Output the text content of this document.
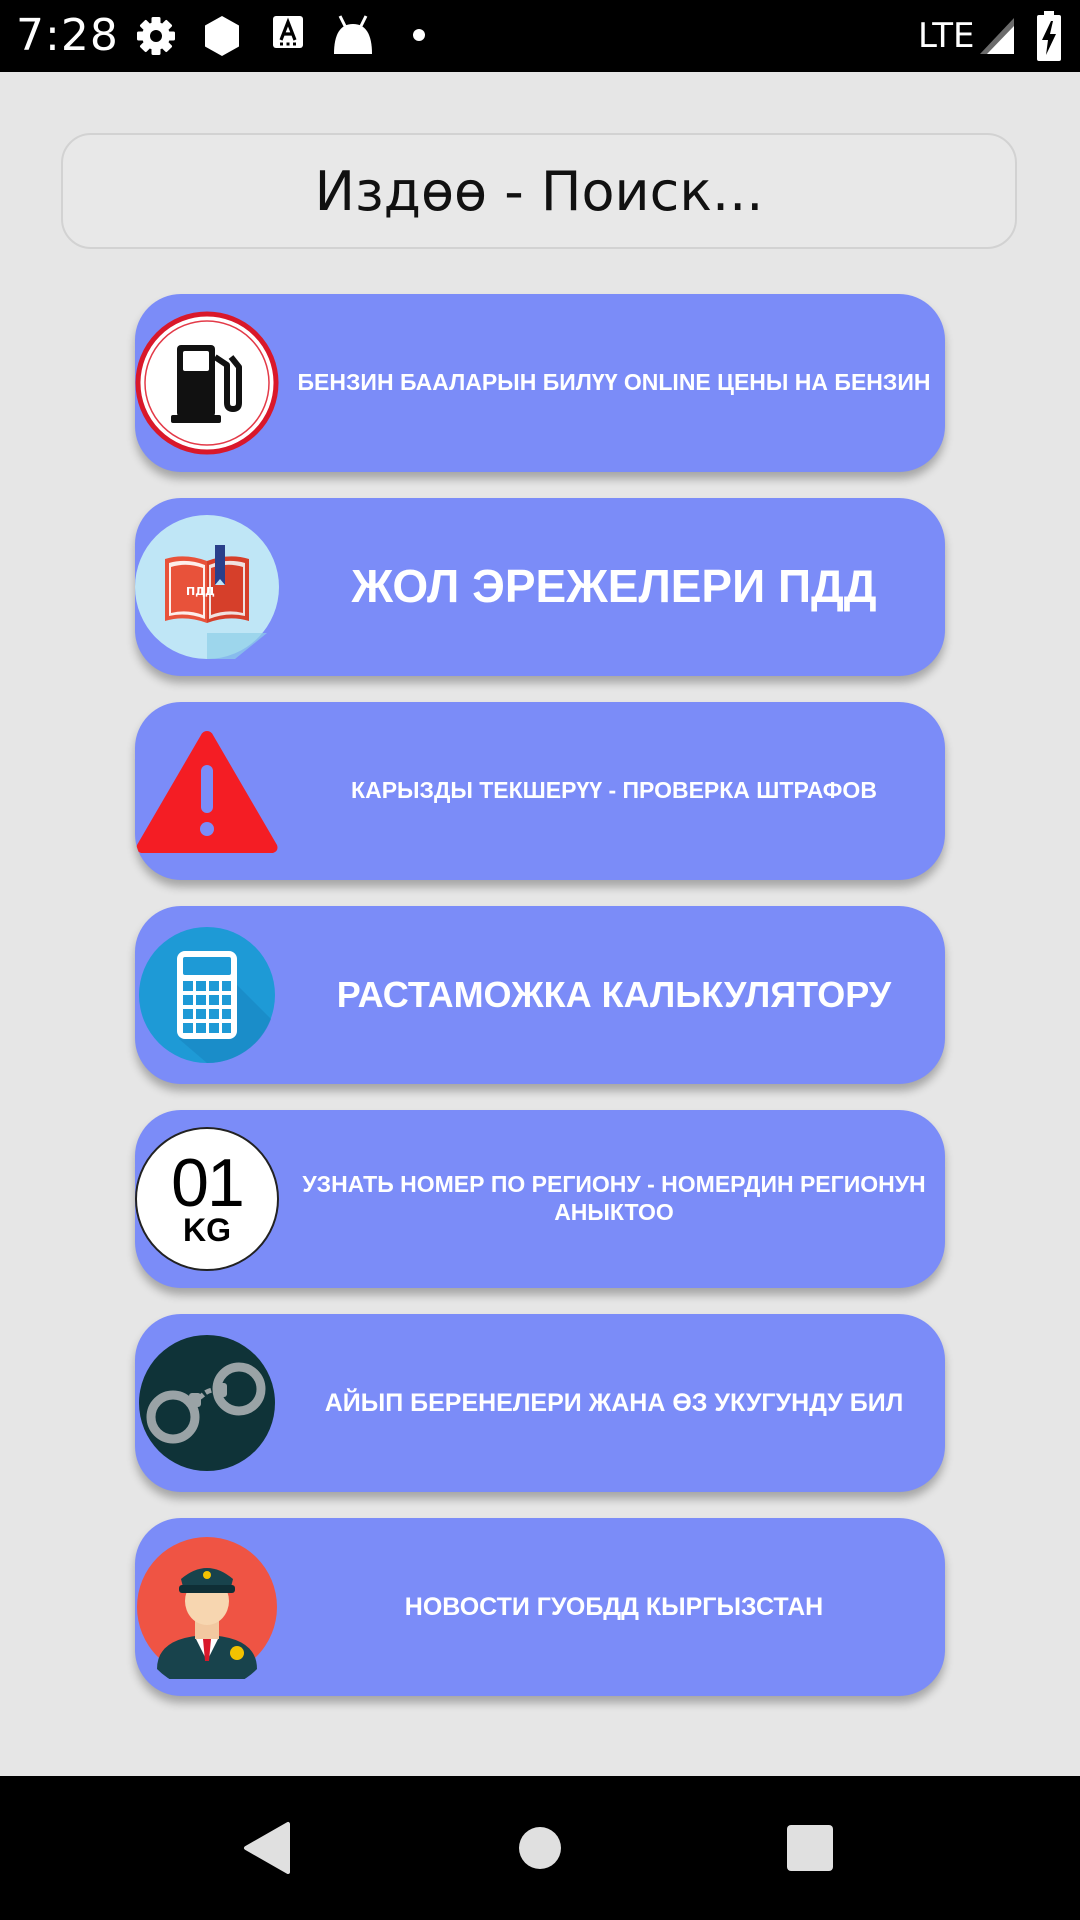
7:28	LTE
Издөө - Поиск...
БЕНЗИН БААЛАРЫН БИЛҮҮ ONLINE ЦЕНЫ НА БЕНЗИН
ПДД	ЖОЛ ЭРЕЖЕЛЕРИ ПДД
КАРЫЗДЫ ТЕКШЕРҮҮ - ПРОВЕРКА ШТРАФОВ
РАСТАМОЖКА КАЛЬКУЛЯТОРУ
01
KG
УЗНАТЬ НОМЕР ПО РЕГИОНУ - НОМЕРДИН РЕГИОНУН АНЫКТОО
АЙЫП БЕРЕНЕЛЕРИ ЖАНА ӨЗ УКУГУНДУ БИЛ
НОВОСТИ ГУОБДД КЫРГЫЗСТАН
